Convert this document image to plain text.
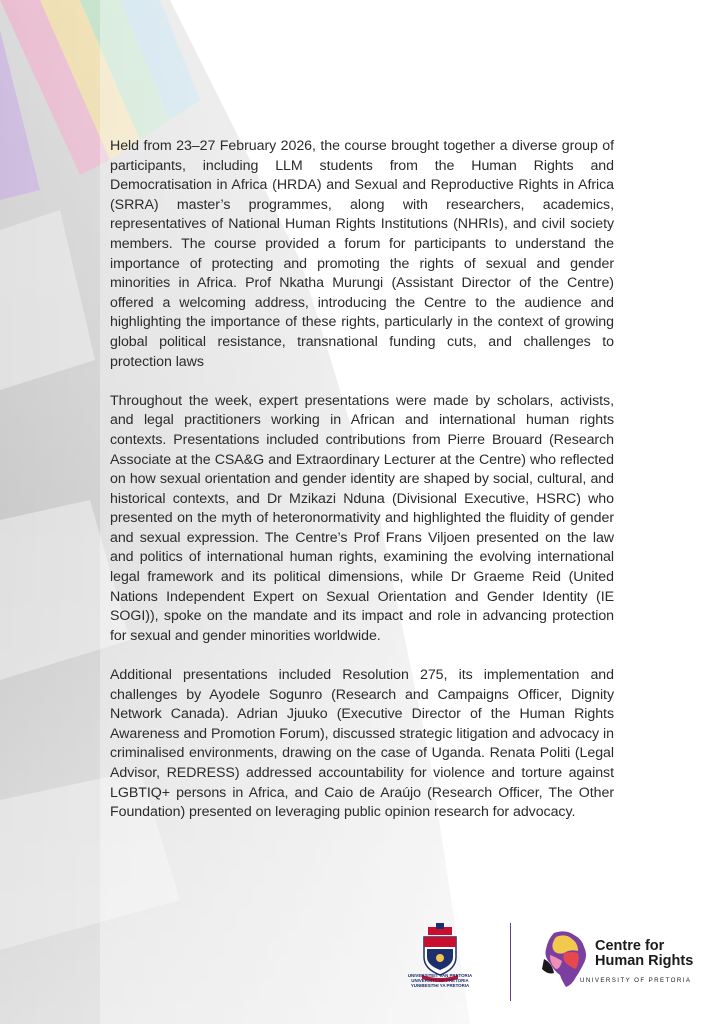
Held from 23–27 February 2026, the course brought together a diverse group of participants, including LLM students from the Human Rights and Democratisation in Africa (HRDA) and Sexual and Reproductive Rights in Africa (SRRA) master’s programmes, along with researchers, academics, representatives of National Human Rights Institutions (NHRIs), and civil society members. The course provided a forum for participants to understand the importance of protecting and promoting the rights of sexual and gender minorities in Africa. Prof Nkatha Murungi (Assistant Director of the Centre) offered a welcoming address, introducing the Centre to the audience and highlighting the importance of these rights, particularly in the context of growing global political resistance, transnational funding cuts, and challenges to protection laws

Throughout the week, expert presentations were made by scholars, activists, and legal practitioners working in African and international human rights contexts. Presentations included contributions from Pierre Brouard (Research Associate at the CSA&G and Extraordinary Lecturer at the Centre) who reflected on how sexual orientation and gender identity are shaped by social, cultural, and historical contexts, and Dr Mzikazi Nduna (Divisional Executive, HSRC) who presented on the myth of heteronormativity and highlighted the fluidity of gender and sexual expression. The Centre’s Prof Frans Viljoen presented on the law and politics of international human rights, examining the evolving international legal framework and its political dimensions, while Dr Graeme Reid (United Nations Independent Expert on Sexual Orientation and Gender Identity (IE SOGI)), spoke on the mandate and its impact and role in advancing protection for sexual and gender minorities worldwide.

Additional presentations included Resolution 275, its implementation and challenges by Ayodele Sogunro (Research and Campaigns Officer, Dignity Network Canada). Adrian Jjuuko (Executive Director of the Human Rights Awareness and Promotion Forum), discussed strategic litigation and advocacy in criminalised environments, drawing on the case of Uganda. Renata Politi (Legal Advisor, REDRESS) addressed accountability for violence and torture against LGBTIQ+ persons in Africa, and Caio de Araújo (Research Officer, The Other Foundation) presented on leveraging public opinion research for advocacy.

UNIVERSITEIT VAN PRETORIA
UNIVERSITY OF PRETORIA
YUNIBESITHI YA PRETORIA
Centre for
Human Rights
UNIVERSITY OF PRETORIA
